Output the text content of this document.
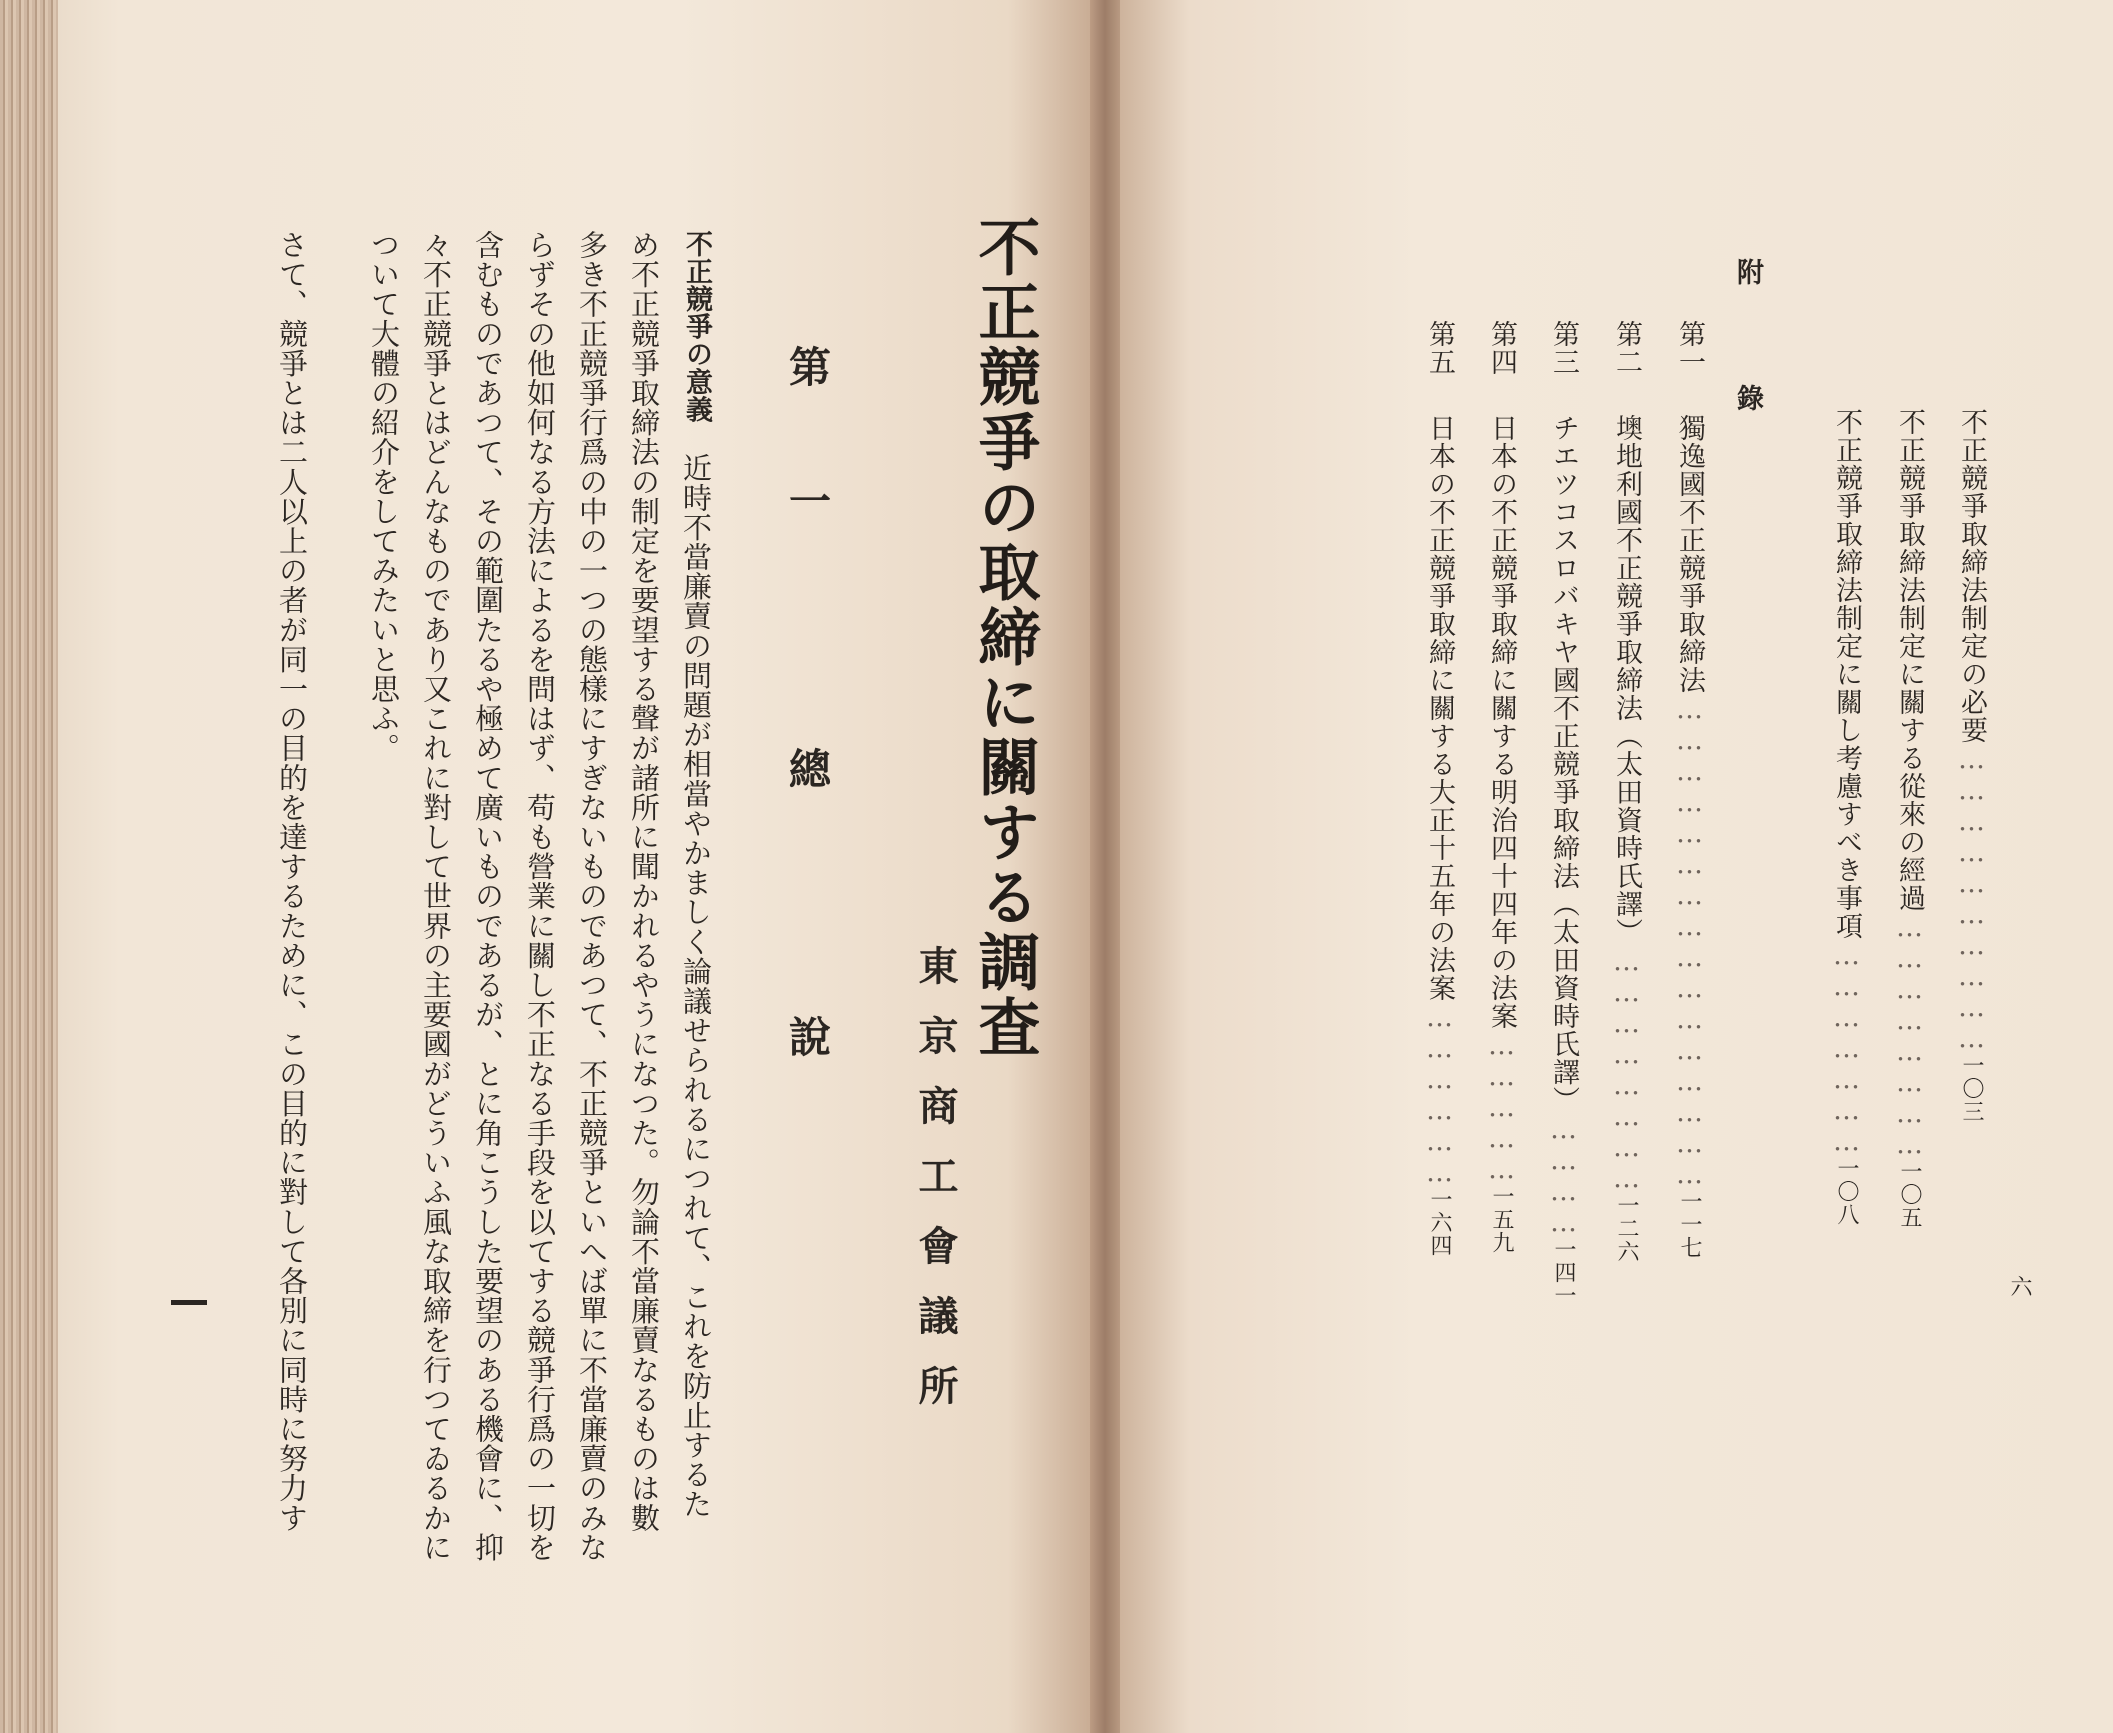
不正競爭の取締に關する調査
東京商工會議所
第一　總　說
不正競爭の意義近時不當廉賣の問題が相當やかましく論議せられるにつれて、これを防止するた
め不正競爭取締法の制定を要望する聲が諸所に聞かれるやうになつた。勿論不當廉賣なるものは數
多き不正競爭行爲の中の一つの態樣にすぎないものであつて、不正競爭といへば單に不當廉賣のみな
らずその他如何なる方法によるを問はず、苟も營業に關し不正なる手段を以てする競爭行爲の一切を
含むものであつて、その範圍たるや極めて廣いものであるが、とに角こうした要望のある機會に、抑
々不正競爭とはどんなものであり又これに對して世界の主要國がどういふ風な取締を行つてゐるかに
ついて大體の紹介をしてみたいと思ふ。
さて、競爭とは二人以上の者が同一の目的を達するために、この目的に對して各別に同時に努力す	不正競爭取締法制定の必要…………………………一〇三
不正競爭取締法制定に關する從來の經過……………………一〇五
不正競爭取締法制定に關し考慮すべき事項…………………一〇八
附　錄
第一獨逸國不正競爭取締法…………………………………………一一七
第二墺地利國不正競爭取締法（太田資時氏譯）……………………一二六
第三チエツコスロバキヤ國不正競爭取締法（太田資時氏譯）…………一四一
第四日本の不正競爭取締に關する明治四十四年の法案……………一五九
第五日本の不正競爭取締に關する大正十五年の法案………………一六四
六
